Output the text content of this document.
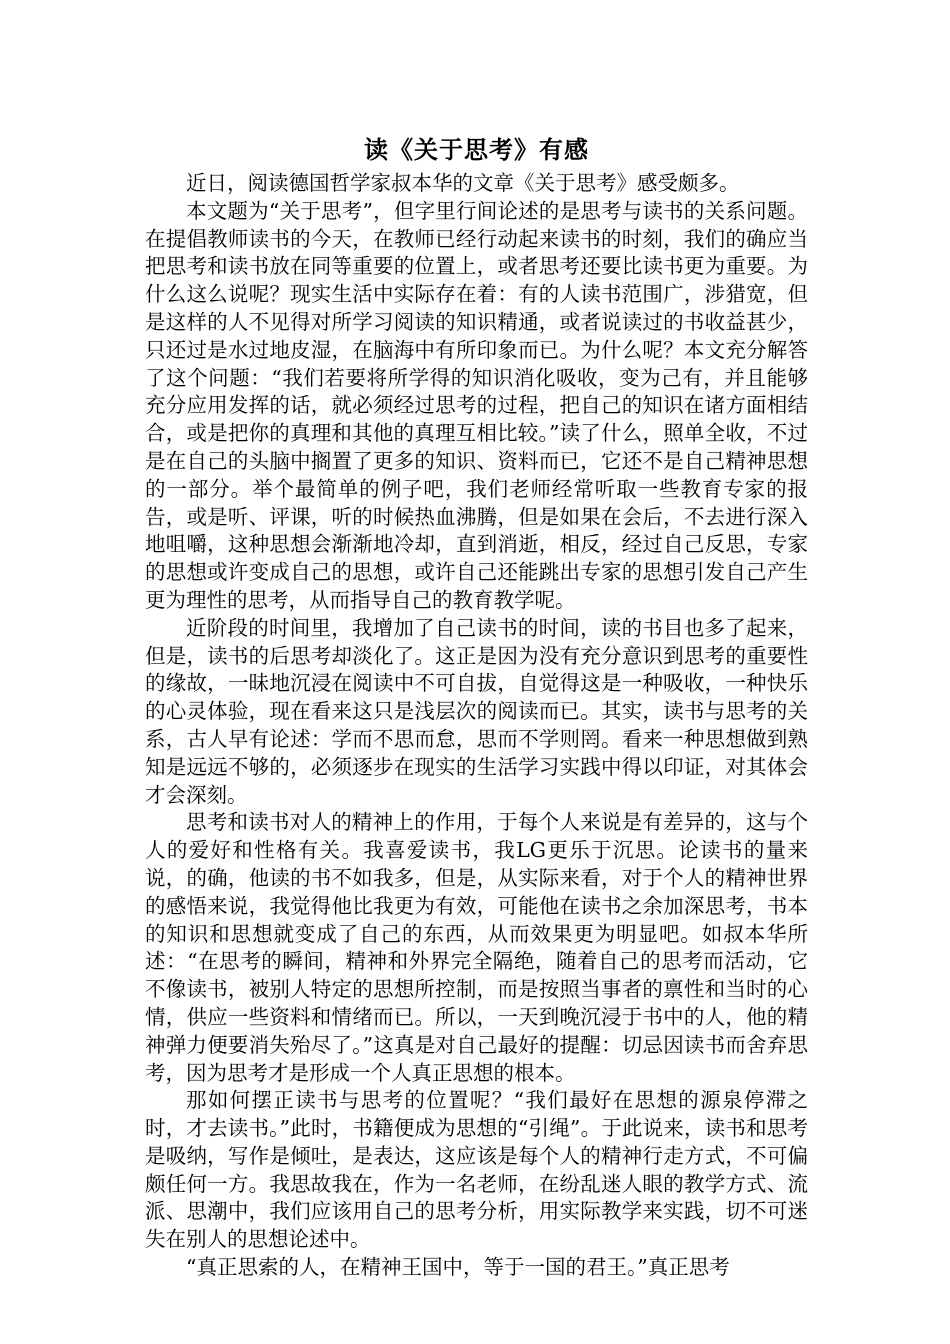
读《关于思考》有感

近日，阅读德国哲学家叔本华的文章《关于思考》感受颇多。

本文题为“关于思考”，但字里行间论述的是思考与读书的关系问题。在提倡教师读书的今天，在教师已经行动起来读书的时刻，我们的确应当把思考和读书放在同等重要的位置上，或者思考还要比读书更为重要。为什么这么说呢？现实生活中实际存在着：有的人读书范围广，涉猎宽，但是这样的人不见得对所学习阅读的知识精通，或者说读过的书收益甚少，只还过是水过地皮湿，在脑海中有所印象而已。为什么呢？本文充分解答了这个问题：“我们若要将所学得的知识消化吸收，变为己有，并且能够充分应用发挥的话，就必须经过思考的过程，把自己的知识在诸方面相结合，或是把你的真理和其他的真理互相比较。”读了什么，照单全收，不过是在自己的头脑中搁置了更多的知识、资料而已，它还不是自己精神思想的一部分。举个最简单的例子吧，我们老师经常听取一些教育专家的报告，或是听、评课，听的时候热血沸腾，但是如果在会后，不去进行深入地咀嚼，这种思想会渐渐地冷却，直到消逝，相反，经过自己反思，专家的思想或许变成自己的思想，或许自己还能跳出专家的思想引发自己产生更为理性的思考，从而指导自己的教育教学呢。

近阶段的时间里，我增加了自己读书的时间，读的书目也多了起来，但是，读书的后思考却淡化了。这正是因为没有充分意识到思考的重要性的缘故，一昧地沉浸在阅读中不可自拔，自觉得这是一种吸收，一种快乐的心灵体验，现在看来这只是浅层次的阅读而已。其实，读书与思考的关系，古人早有论述：学而不思而怠，思而不学则罔。看来一种思想做到熟知是远远不够的，必须逐步在现实的生活学习实践中得以印证，对其体会才会深刻。

思考和读书对人的精神上的作用，于每个人来说是有差异的，这与个人的爱好和性格有关。我喜爱读书，我LG更乐于沉思。论读书的量来说，的确，他读的书不如我多，但是，从实际来看，对于个人的精神世界的感悟来说，我觉得他比我更为有效，可能他在读书之余加深思考，书本的知识和思想就变成了自己的东西，从而效果更为明显吧。如叔本华所述：“在思考的瞬间，精神和外界完全隔绝，随着自己的思考而活动，它不像读书，被别人特定的思想所控制，而是按照当事者的禀性和当时的心情，供应一些资料和情绪而已。所以，一天到晚沉浸于书中的人，他的精神弹力便要消失殆尽了。”这真是对自己最好的提醒：切忌因读书而舍弃思考，因为思考才是形成一个人真正思想的根本。

那如何摆正读书与思考的位置呢？“我们最好在思想的源泉停滞之时，才去读书。”此时，书籍便成为思想的“引绳”。于此说来，读书和思考是吸纳，写作是倾吐，是表达，这应该是每个人的精神行走方式，不可偏颇任何一方。我思故我在，作为一名老师，在纷乱迷人眼的教学方式、流派、思潮中，我们应该用自己的思考分析，用实际教学来实践，切不可迷失在别人的思想论述中。

“真正思索的人，在精神王国中，等于一国的君王。”真正思考
